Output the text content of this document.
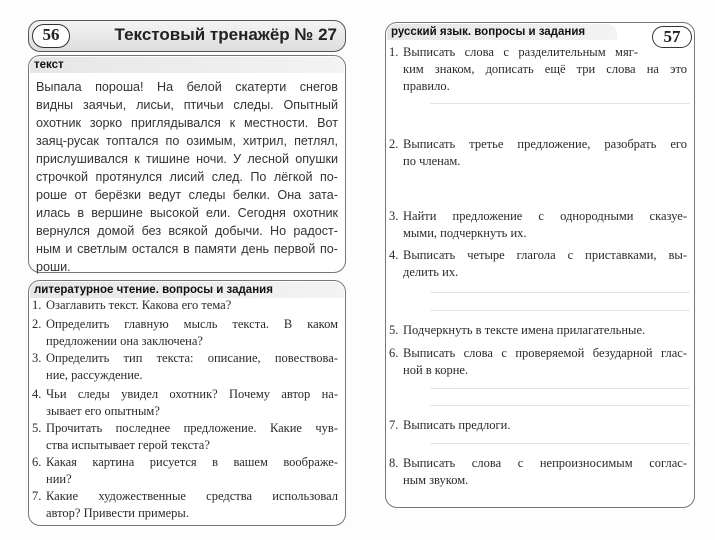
56	Текстовый тренажёр № 27
текст
Выпала пороша! На белой скатерти снегов
видны заячьи, лисьи, птичьи следы. Опытный
охотник зорко приглядывался к местности. Вот
заяц-русак топтался по озимым, хитрил, петлял,
прислушивался к тишине ночи. У лесной опушки
строчкой протянулся лисий след. По лёгкой по-
роше от берёзки ведут следы белки. Она зата-
илась в вершине высокой ели. Сегодня охотник
вернулся домой без всякой добычи. Но радост-
ным и светлым остался в памяти день первой по-
роши.
литературное чтение. вопросы и задания
1. Озаглавить текст. Какова его тема?
2. Определить главную мысль текста. В каком
предложении она заключена?
3. Определить тип текста: описание, повествова-
ние, рассуждение.
4. Чьи следы увидел охотник? Почему автор на-
зывает его опытным?
5. Прочитать последнее предложение. Какие чув-
ства испытывает герой текста?
6. Какая картина рисуется в вашем воображе-
нии?
7. Какие художественные средства использовал
автор? Привести примеры.
русский язык. вопросы и задания	57
1. Выписать слова с разделительным мяг-
ким знаком, дописать ещё три слова на это
правило.
2. Выписать третье предложение, разобрать его
по членам.
3. Найти предложение с однородными сказуе-
мыми, подчеркнуть их.
4. Выписать четыре глагола с приставками, вы-
делить их.
5. Подчеркнуть в тексте имена прилагательные.
6. Выписать слова с проверяемой безударной глас-
ной в корне.
7. Выписать предлоги.
8. Выписать слова с непроизносимым соглас-
ным звуком.
